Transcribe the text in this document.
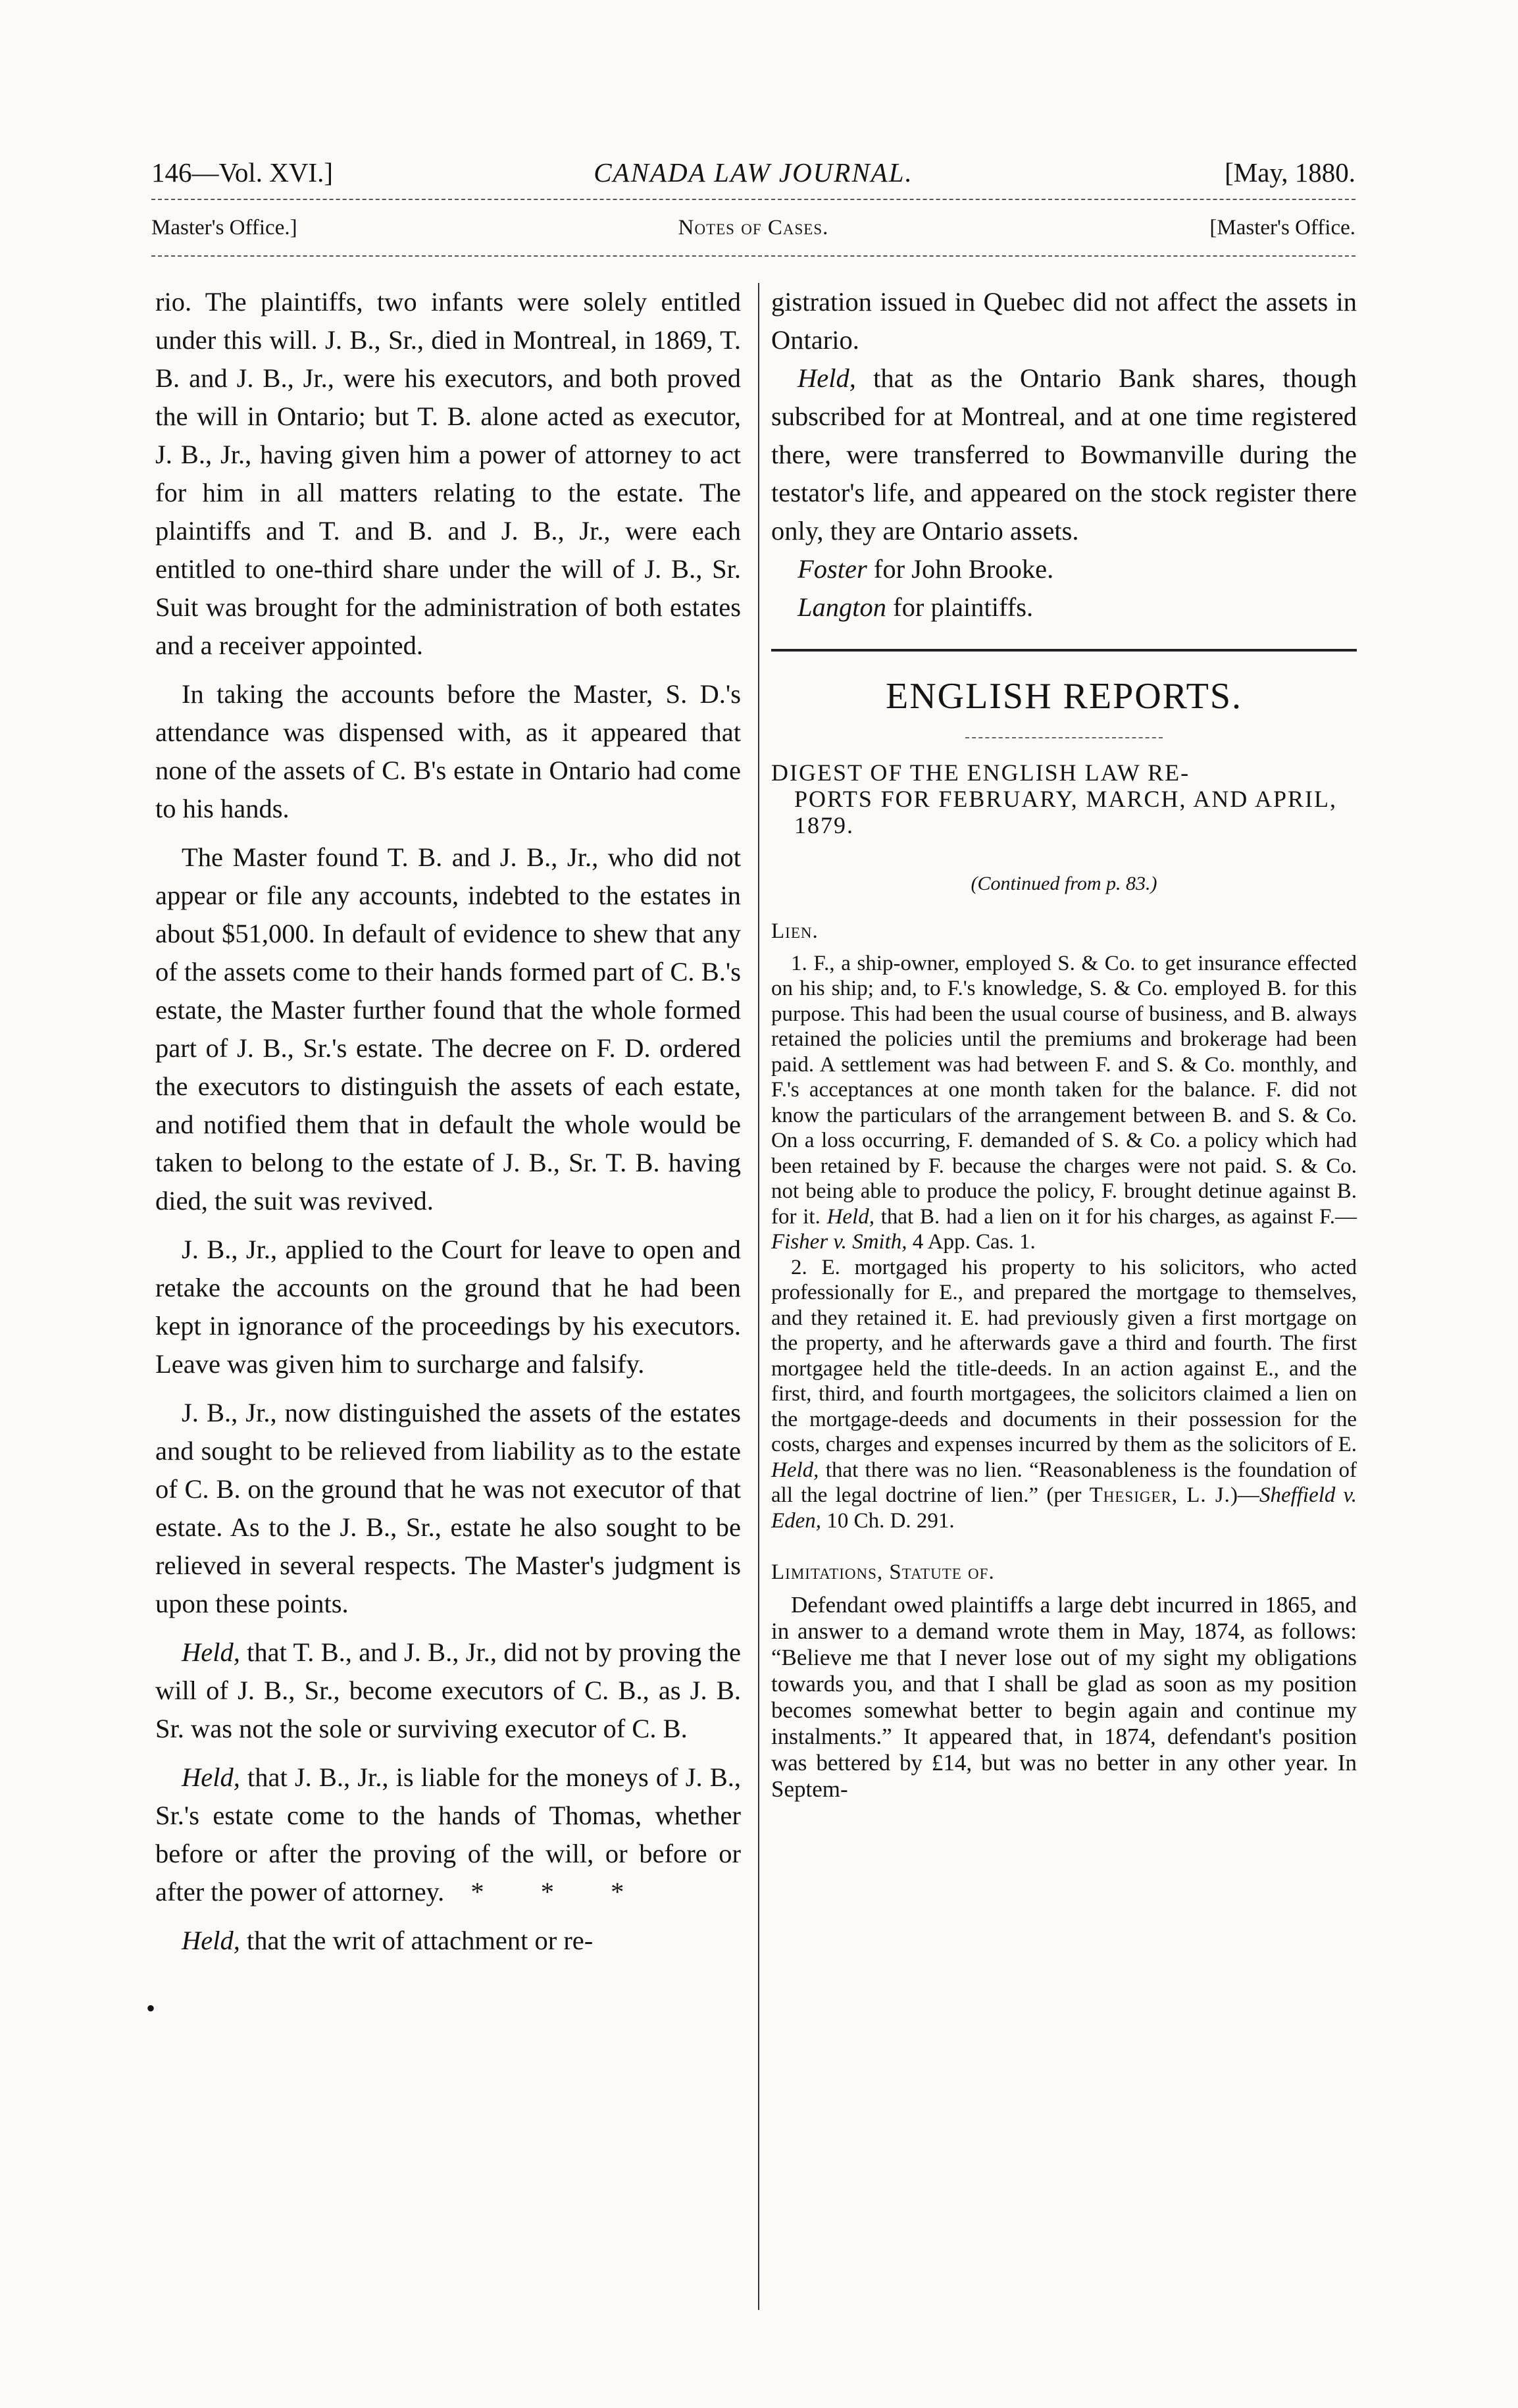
146—Vol. XVI.]	CANADA LAW JOURNAL.	[May, 1880.
Master's Office.]	Notes of Cases.	[Master's Office.

rio. The plaintiffs, two infants were solely entitled under this will. J. B., Sr., died in Montreal, in 1869, T. B. and J. B., Jr., were his executors, and both proved the will in Ontario; but T. B. alone acted as executor, J. B., Jr., having given him a power of attorney to act for him in all matters relating to the estate. The plaintiffs and T. and B. and J. B., Jr., were each entitled to one-third share under the will of J. B., Sr. Suit was brought for the administration of both estates and a receiver appointed.

In taking the accounts before the Master, S. D.'s attendance was dispensed with, as it appeared that none of the assets of C. B's estate in Ontario had come to his hands.

The Master found T. B. and J. B., Jr., who did not appear or file any accounts, indebted to the estates in about $51,000. In default of evidence to shew that any of the assets come to their hands formed part of C. B.'s estate, the Master further found that the whole formed part of J. B., Sr.'s estate. The decree on F. D. ordered the executors to distinguish the assets of each estate, and notified them that in default the whole would be taken to belong to the estate of J. B., Sr. T. B. having died, the suit was revived.

J. B., Jr., applied to the Court for leave to open and retake the accounts on the ground that he had been kept in ignorance of the proceedings by his executors. Leave was given him to surcharge and falsify.

J. B., Jr., now distinguished the assets of the estates and sought to be relieved from liability as to the estate of C. B. on the ground that he was not executor of that estate. As to the J. B., Sr., estate he also sought to be relieved in several respects. The Master's judgment is upon these points.

Held, that T. B., and J. B., Jr., did not by proving the will of J. B., Sr., become executors of C. B., as J. B. Sr. was not the sole or surviving executor of C. B.

Held, that J. B., Jr., is liable for the moneys of J. B., Sr.'s estate come to the hands of Thomas, whether before or after the proving of the will, or before or after the power of attorney. * * *

Held, that the writ of attachment or re-

gistration issued in Quebec did not affect the assets in Ontario.

Held, that as the Ontario Bank shares, though subscribed for at Montreal, and at one time registered there, were transferred to Bowmanville during the testator's life, and appeared on the stock register there only, they are Ontario assets.

Foster for John Brooke.

Langton for plaintiffs.

ENGLISH REPORTS.
DIGEST OF THE ENGLISH LAW RE-
PORTS FOR FEBRUARY, MARCH, AND APRIL, 1879.
(Continued from p. 83.)
Lien.

1. F., a ship-owner, employed S. & Co. to get insurance effected on his ship; and, to F.'s knowledge, S. & Co. employed B. for this purpose. This had been the usual course of business, and B. always retained the policies until the premiums and brokerage had been paid. A settlement was had between F. and S. & Co. monthly, and F.'s acceptances at one month taken for the balance. F. did not know the particulars of the arrangement between B. and S. & Co. On a loss occurring, F. demanded of S. & Co. a policy which had been retained by F. because the charges were not paid. S. & Co. not being able to produce the policy, F. brought detinue against B. for it. Held, that B. had a lien on it for his charges, as against F.—Fisher v. Smith, 4 App. Cas. 1.

2. E. mortgaged his property to his solicitors, who acted professionally for E., and prepared the mortgage to themselves, and they retained it. E. had previously given a first mortgage on the property, and he afterwards gave a third and fourth. The first mortgagee held the title-deeds. In an action against E., and the first, third, and fourth mortgagees, the solicitors claimed a lien on the mortgage-deeds and documents in their possession for the costs, charges and expenses incurred by them as the solicitors of E. Held, that there was no lien. “Reasonableness is the foundation of all the legal doctrine of lien.” (per Thesiger, L. J.)—Sheffield v. Eden, 10 Ch. D. 291.

Limitations, Statute of.

Defendant owed plaintiffs a large debt incurred in 1865, and in answer to a demand wrote them in May, 1874, as follows: “Believe me that I never lose out of my sight my obligations towards you, and that I shall be glad as soon as my position becomes somewhat better to begin again and continue my instalments.” It appeared that, in 1874, defendant's position was bettered by £14, but was no better in any other year. In Septem-

•
